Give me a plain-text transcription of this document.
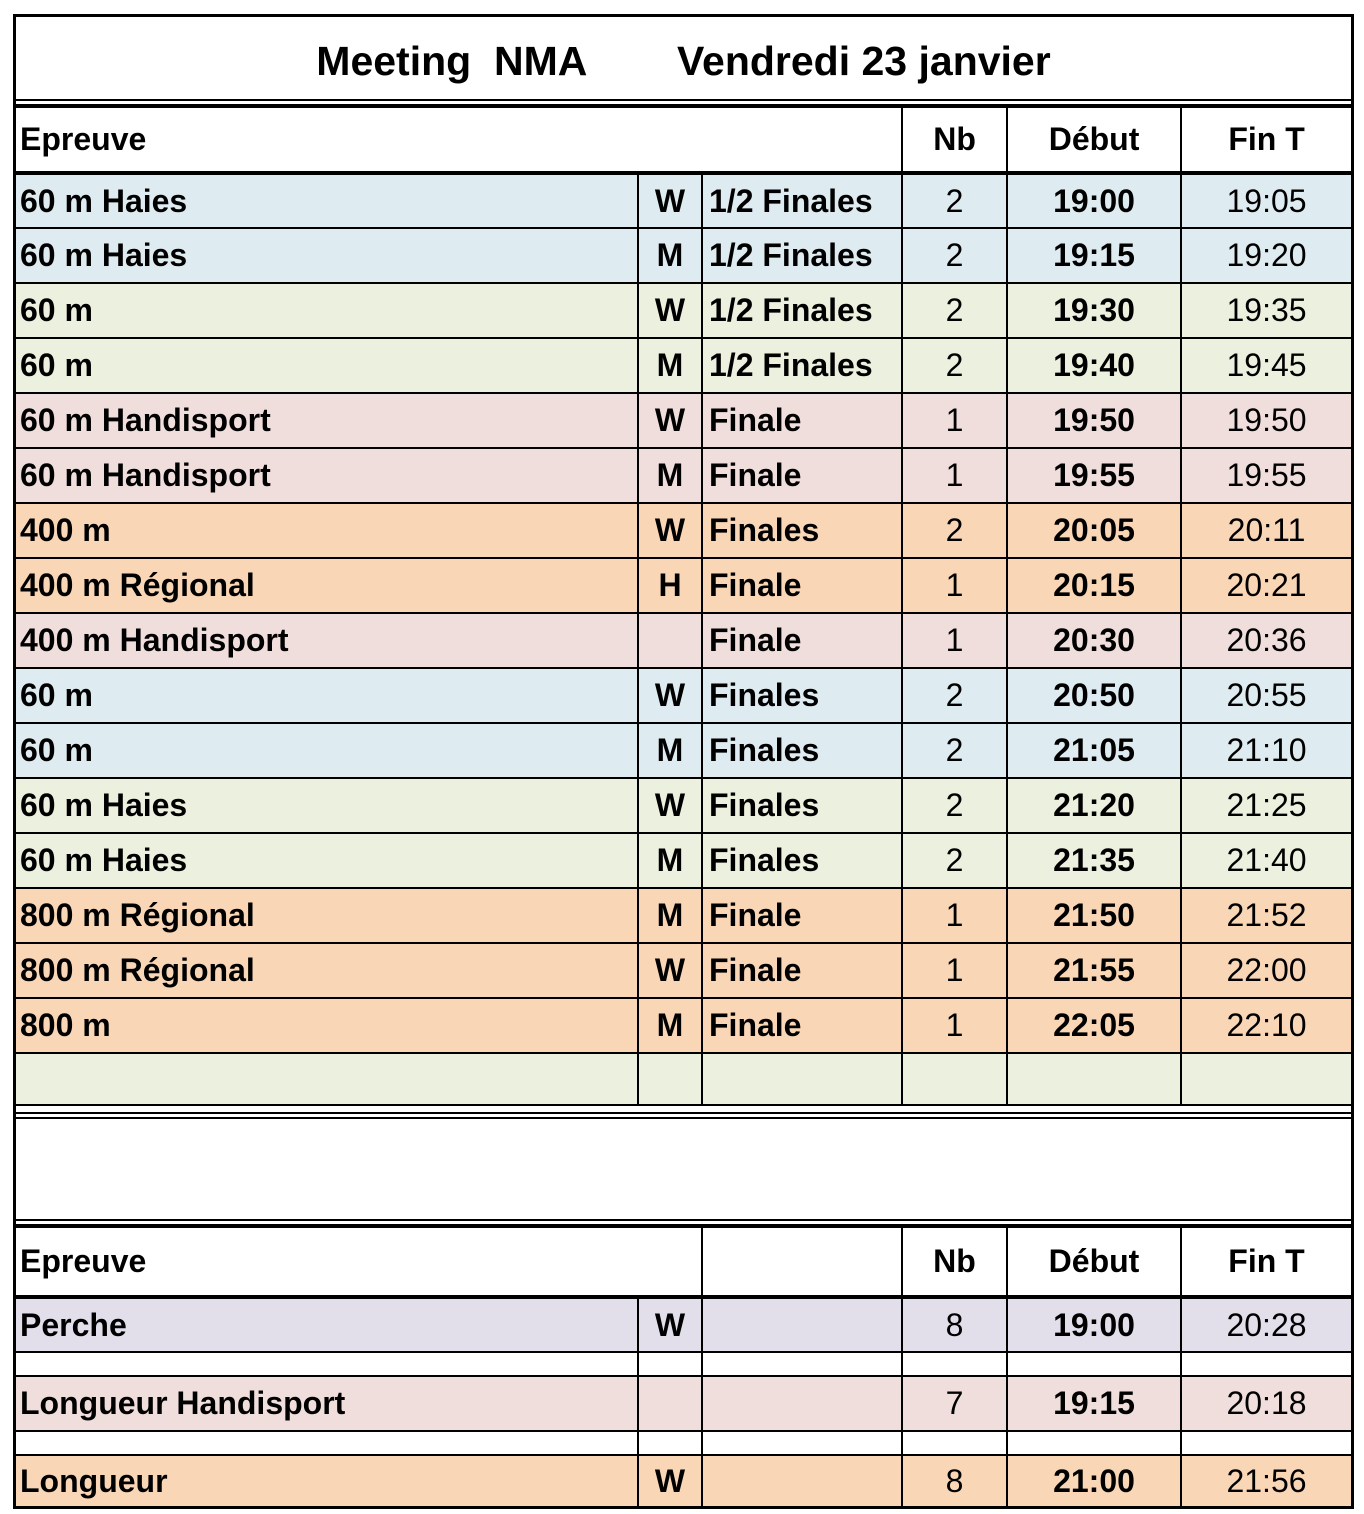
Meeting  NMA        Vendredi 23 janvier
Epreuve			Nb	Début	Fin T
60 m Haies	W	1/2 Finales	2	19:00	19:05
60 m Haies	M	1/2 Finales	2	19:15	19:20
60 m	W	1/2 Finales	2	19:30	19:35
60 m	M	1/2 Finales	2	19:40	19:45
60 m Handisport	W	Finale	1	19:50	19:50
60 m Handisport	M	Finale	1	19:55	19:55
400 m	W	Finales	2	20:05	20:11
400 m Régional	H	Finale	1	20:15	20:21
400 m Handisport		Finale	1	20:30	20:36
60 m	W	Finales	2	20:50	20:55
60 m	M	Finales	2	21:05	21:10
60 m Haies	W	Finales	2	21:20	21:25
60 m Haies	M	Finales	2	21:35	21:40
800 m Régional	M	Finale	1	21:50	21:52
800 m Régional	W	Finale	1	21:55	22:00
800 m	M	Finale	1	22:05	22:10

Epreuve			Nb	Début	Fin T
Perche	W		8	19:00	20:28

Longueur Handisport			7	19:15	20:18

Longueur	W		8	21:00	21:56
